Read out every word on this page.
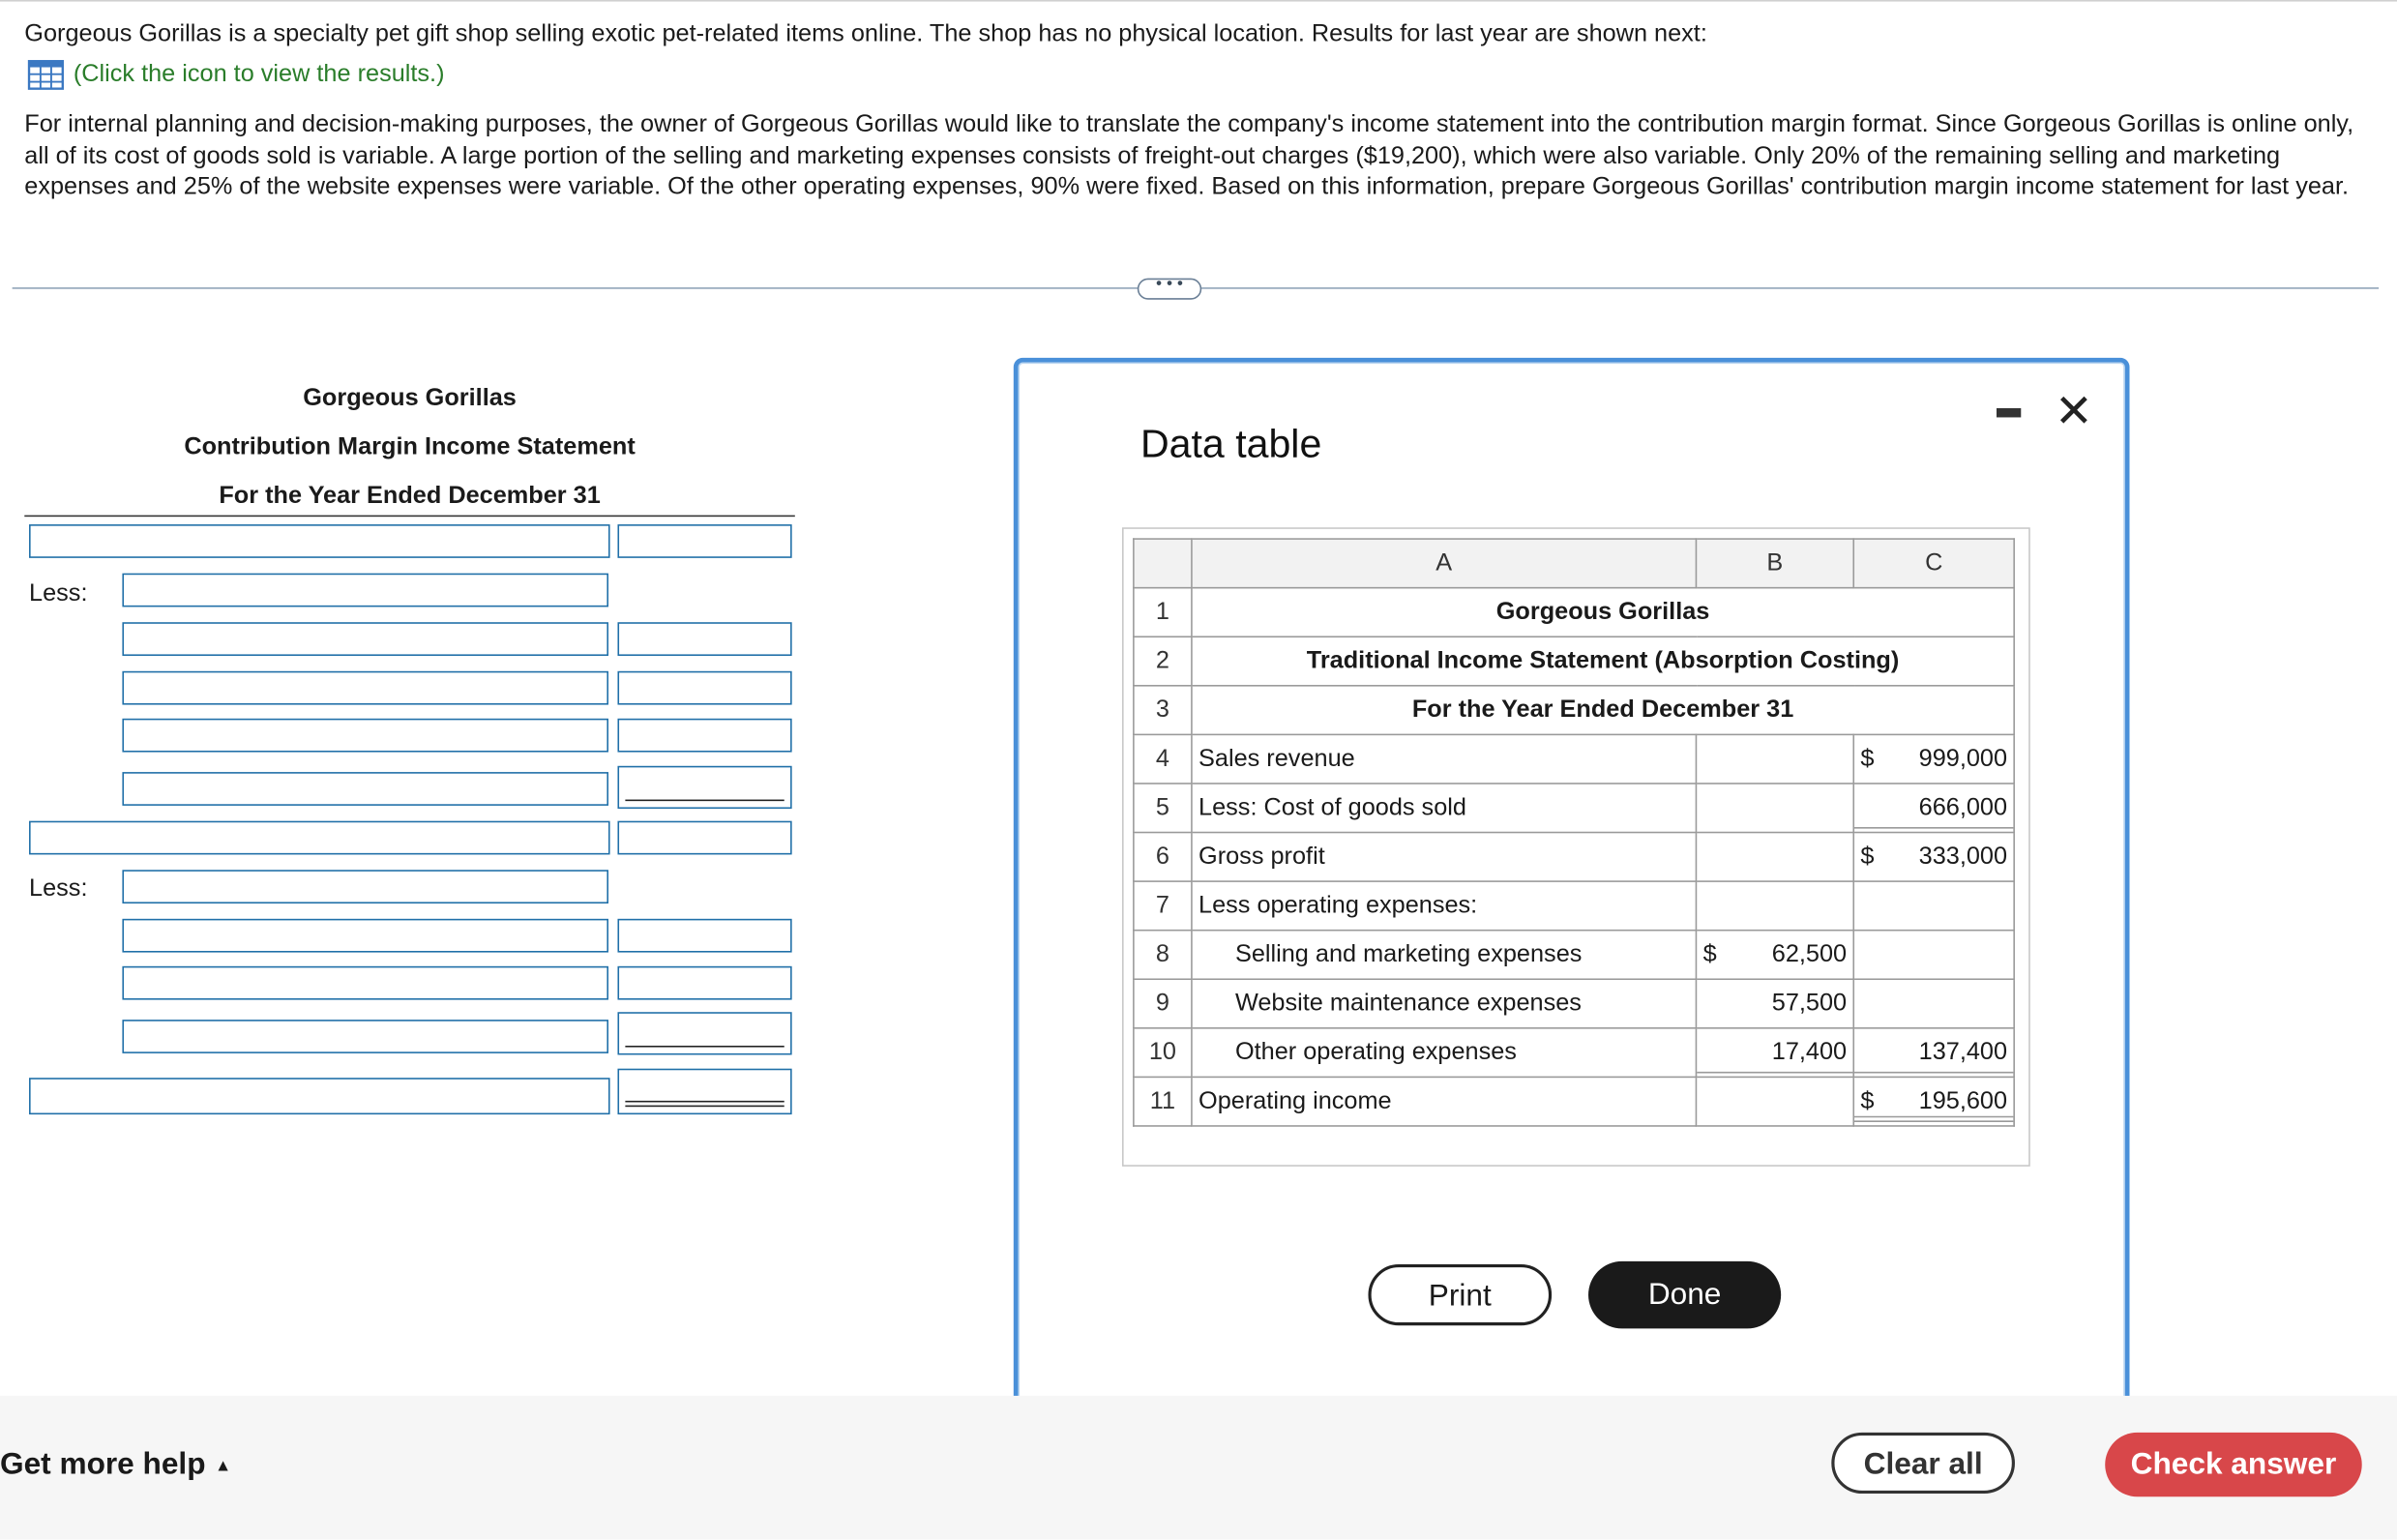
Gorgeous Gorillas is a specialty pet gift shop selling exotic pet-related items online. The shop has no physical location. Results for last year are shown next:
(Click the icon to view the results.)
For internal planning and decision-making purposes, the owner of Gorgeous Gorillas would like to translate the company's income statement into the contribution margin format. Since Gorgeous Gorillas is online only, all of its cost of goods sold is variable. A large portion of the selling and marketing expenses consists of freight-out charges ($19,200), which were also variable. Only 20% of the remaining selling and marketing expenses and 25% of the website expenses were variable. Of the other operating expenses, 90% were fixed. Based on this information, prepare Gorgeous Gorillas' contribution margin income statement for last year.
• • •
Gorgeous Gorillas
Contribution Margin Income Statement
For the Year Ended December 31
Less:
Less:
Data table
✕
	A	B	C
1	Gorgeous Gorillas		
2	Traditional Income Statement (Absorption Costing)		
3	For the Year Ended December 31		
4	Sales revenue		$ 999,000

5	Less: Cost of goods sold		666,000
6	Gross profit		$ 333,000

7	Less operating expenses:		
8	Selling and marketing expenses	$ 62,500	

9	Website maintenance expenses	57,500	
10	Other operating expenses	17,400	137,400
11	Operating income		$ 195,600
Print	Done
Get more help ▲	Clear all	Check answer
